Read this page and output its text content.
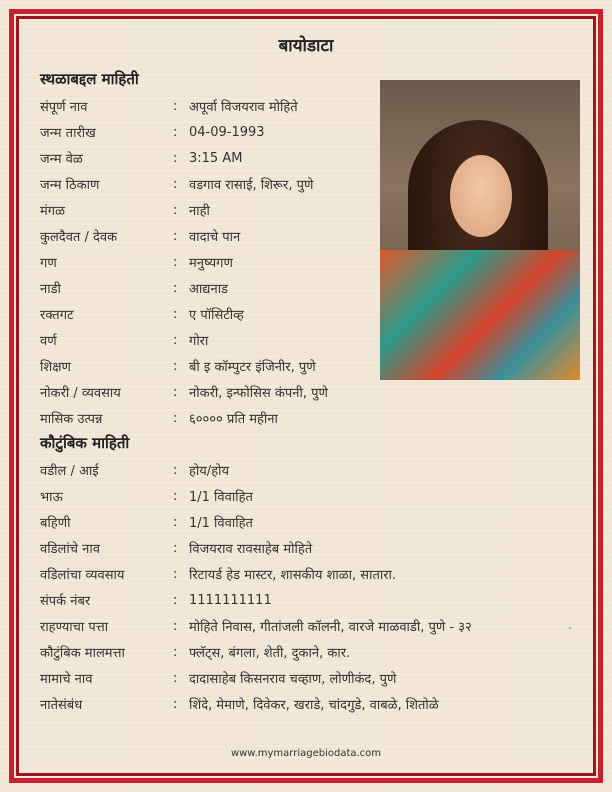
बायोडाटा
स्थळाबद्दल माहिती
संपूर्ण नाव	: अपूर्वा विजयराव मोहिते
जन्म तारीख	: 04-09-1993
जन्म वेळ	: 3:15 AM
जन्म ठिकाण	: वडगाव रासाई, शिरूर, पुणे
मंगळ	: नाही
कुलदैवत / देवक	: वादाचे पान
गण	: मनुष्यगण
नाडी	: आद्यनाड
रक्तगट	: ए पॉसिटीव्ह
वर्ण	: गोरा
शिक्षण	: बी इ कॉम्पुटर इंजिनीर, पुणे
नोकरी / व्यवसाय	: नोकरी, इन्फोसिस कंपनी, पुणे
मासिक उत्पन्न	: ६०००० प्रति महीना
कौटुंबिक माहिती
वडील / आई	: होय/होय
भाऊ	: 1/1 विवाहित
बहिणी	: 1/1 विवाहित
वडिलांचे नाव	: विजयराव रावसाहेब मोहिते
वडिलांचा व्यवसाय	: रिटायर्ड हेड मास्टर, शासकीय शाळा, सातारा.
संपर्क नंबर	: 1111111111
राहण्याचा पत्ता	: मोहिते निवास, गीतांजली कॉलनी, वारजे माळवाडी, पुणे - ३२
कौटुंबिक मालमत्ता	: फ्लॅट्स, बंगला, शेती, दुकाने, कार.
मामाचे नाव	: दादासाहेब किसनराव चव्हाण, लोणीकंद, पुणे
नातेसंबंध	: शिंदे, मेमाणे, दिवेकर, खराडे, चांदगुडे, वाबळे, शितोळे
-
www.mymarriagebiodata.com
